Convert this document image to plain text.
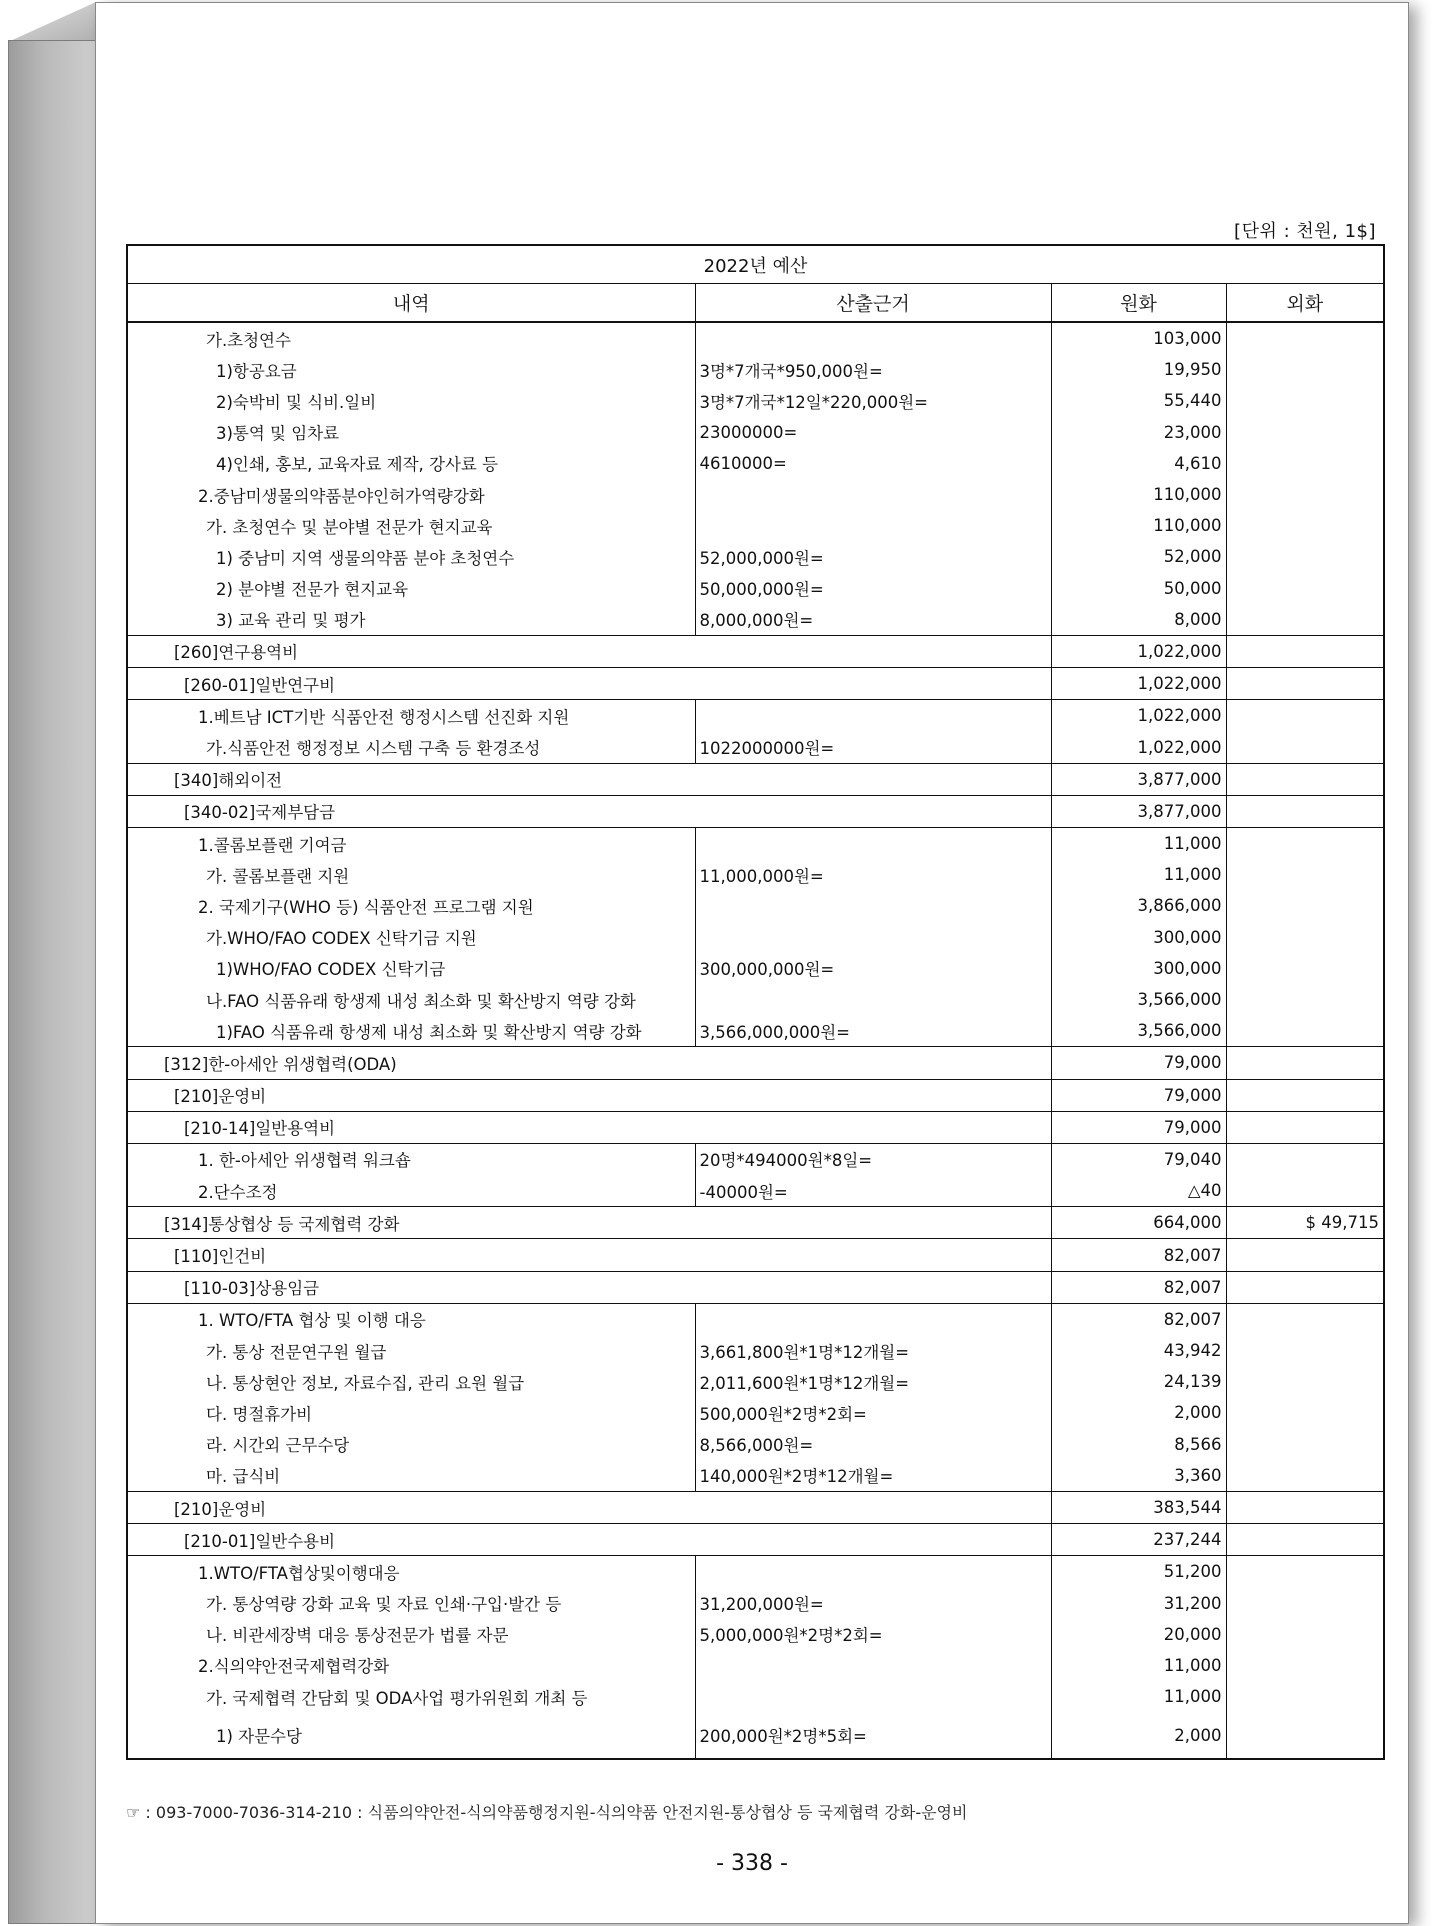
[단위 : 천원, 1$]
2022년 예산			
내역	산출근거	원화	외화
가.초청연수		103,000	
1)항공요금	3명*7개국*950,000원=	19,950	
2)숙박비 및 식비.일비	3명*7개국*12일*220,000원=	55,440	
3)통역 및 임차료	23000000=	23,000	
4)인쇄, 홍보, 교육자료 제작, 강사료 등	4610000=	4,610	
2.중남미생물의약품분야인허가역량강화		110,000	
가. 초청연수 및 분야별 전문가 현지교육		110,000	
1) 중남미 지역 생물의약품 분야 초청연수	52,000,000원=	52,000	
2) 분야별 전문가 현지교육	50,000,000원=	50,000	
3) 교육 관리 및 평가	8,000,000원=	8,000	
[260]연구용역비		1,022,000	
[260-01]일반연구비		1,022,000	
1.베트남 ICT기반 식품안전 행정시스템 선진화 지원		1,022,000	
가.식품안전 행정정보 시스템 구축 등 환경조성	1022000000원=	1,022,000	
[340]해외이전		3,877,000	
[340-02]국제부담금		3,877,000	
1.콜롬보플랜 기여금		11,000	
가. 콜롬보플랜 지원	11,000,000원=	11,000	
2. 국제기구(WHO 등) 식품안전 프로그램 지원		3,866,000	
가.WHO/FAO CODEX 신탁기금 지원		300,000	
1)WHO/FAO CODEX 신탁기금	300,000,000원=	300,000	
나.FAO 식품유래 항생제 내성 최소화 및 확산방지 역량 강화		3,566,000	
1)FAO 식품유래 항생제 내성 최소화 및 확산방지 역량 강화	3,566,000,000원=	3,566,000	
[312]한-아세안 위생협력(ODA)		79,000	
[210]운영비		79,000	
[210-14]일반용역비		79,000	
1. 한-아세안 위생협력 워크숍	20명*494000원*8일=	79,040	
2.단수조정	-40000원=	△40	
[314]통상협상 등 국제협력 강화		664,000	$ 49,715
[110]인건비		82,007	
[110-03]상용임금		82,007	
1. WTO/FTA 협상 및 이행 대응		82,007	
가. 통상 전문연구원 월급	3,661,800원*1명*12개월=	43,942	
나. 통상현안 정보, 자료수집, 관리 요원 월급	2,011,600원*1명*12개월=	24,139	
다. 명절휴가비	500,000원*2명*2회=	2,000	
라. 시간외 근무수당	8,566,000원=	8,566	
마. 급식비	140,000원*2명*12개월=	3,360	
[210]운영비		383,544	
[210-01]일반수용비		237,244	
1.WTO/FTA협상및이행대응		51,200	
가. 통상역량 강화 교육 및 자료 인쇄·구입·발간 등	31,200,000원=	31,200	
나. 비관세장벽 대응 통상전문가 법률 자문	5,000,000원*2명*2회=	20,000	
2.식의약안전국제협력강화		11,000	
가. 국제협력 간담회 및 ODA사업 평가위원회 개최 등		11,000	
1) 자문수당	200,000원*2명*5회=	2,000	
☞ : 093-7000-7036-314-210 : 식품의약안전-식의약품행정지원-식의약품 안전지원-통상협상 등 국제협력 강화-운영비
- 338 -
